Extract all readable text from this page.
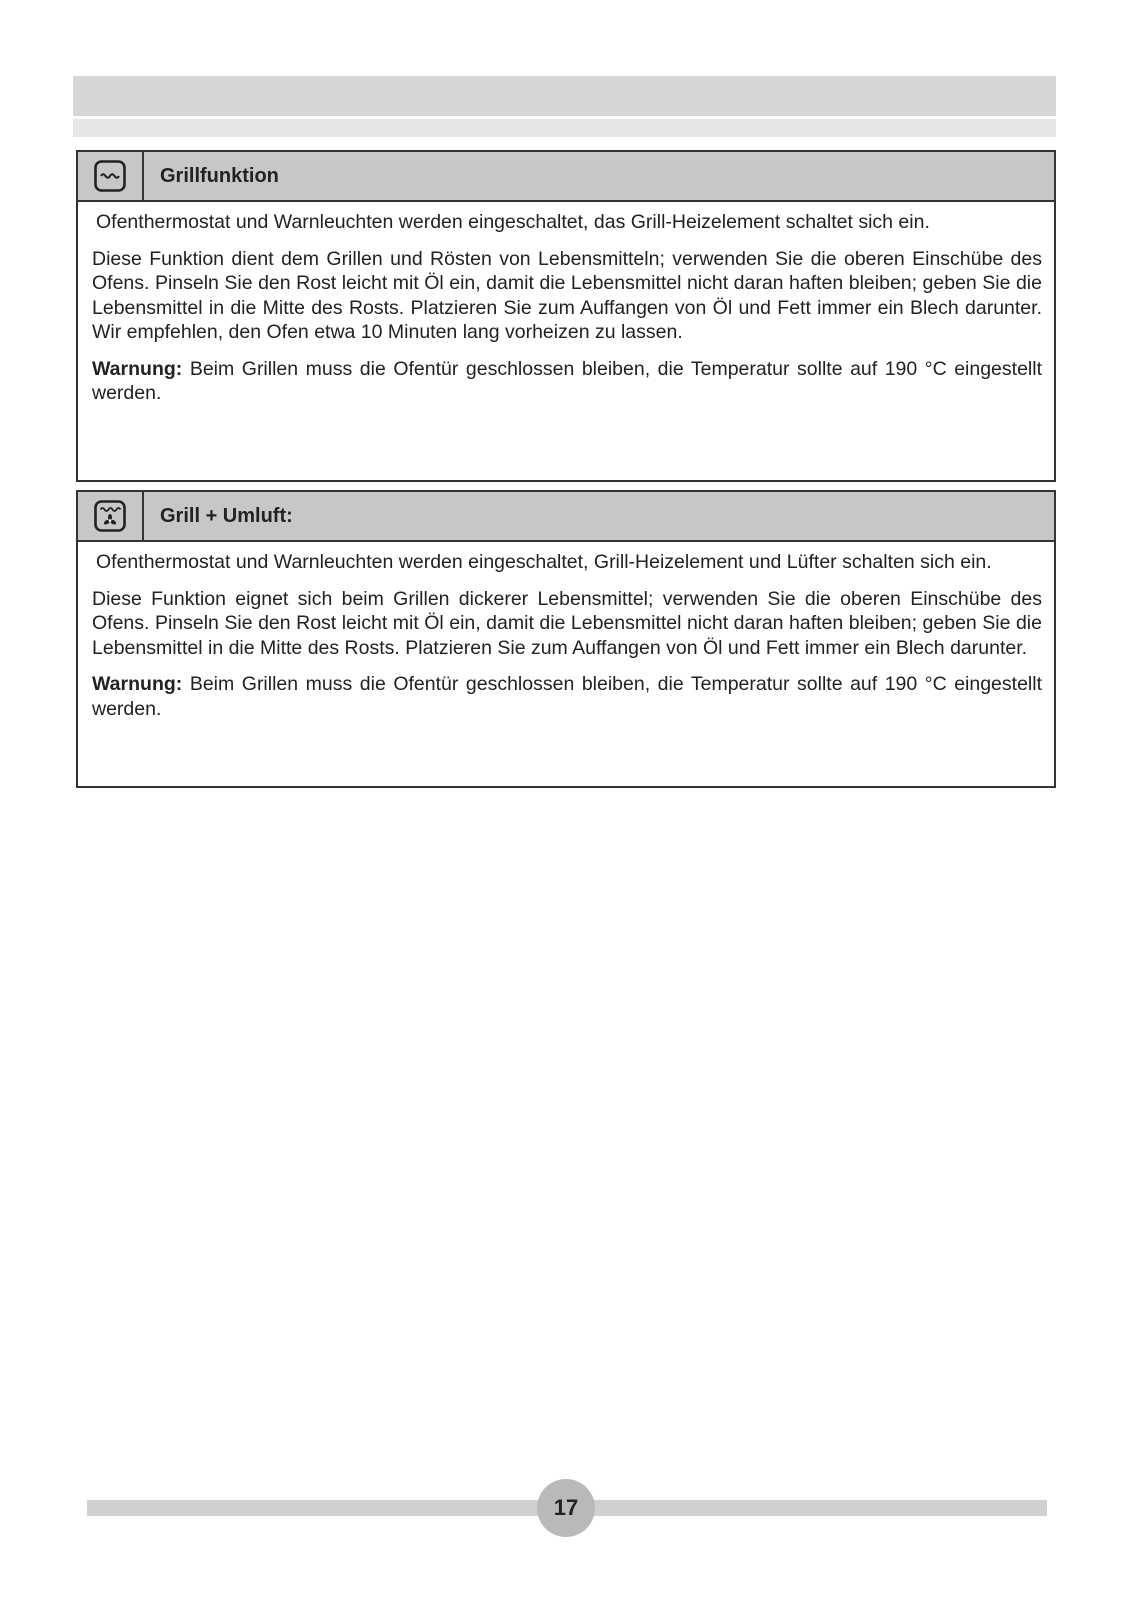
Grillfunktion

Ofenthermostat und Warnleuchten werden eingeschaltet, das Grill-Heizelement schaltet sich ein.

Diese Funktion dient dem Grillen und Rösten von Lebensmitteln; verwenden Sie die oberen Einschübe des Ofens. Pinseln Sie den Rost leicht mit Öl ein, damit die Lebensmittel nicht daran haften bleiben; geben Sie die Lebensmittel in die Mitte des Rosts. Platzieren Sie zum Auffangen von Öl und Fett immer ein Blech darunter. Wir empfehlen, den Ofen etwa 10 Minuten lang vorheizen zu lassen.

Warnung: Beim Grillen muss die Ofentür geschlossen bleiben, die Temperatur sollte auf 190 °C eingestellt werden.

Grill + Umluft:

Ofenthermostat und Warnleuchten werden eingeschaltet, Grill-Heizelement und Lüfter schalten sich ein.

Diese Funktion eignet sich beim Grillen dickerer Lebensmittel; verwenden Sie die oberen Einschübe des Ofens. Pinseln Sie den Rost leicht mit Öl ein, damit die Lebensmittel nicht daran haften bleiben; geben Sie die Lebensmittel in die Mitte des Rosts. Platzieren Sie zum Auffangen von Öl und Fett immer ein Blech darunter.

Warnung: Beim Grillen muss die Ofentür geschlossen bleiben, die Temperatur sollte auf 190 °C eingestellt werden.

17
